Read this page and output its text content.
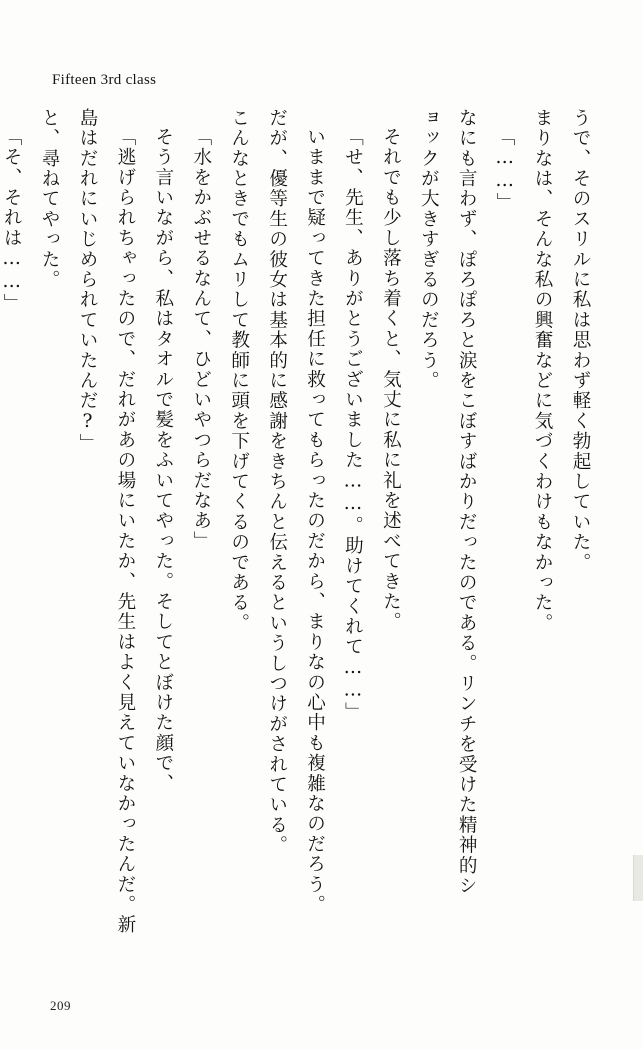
Fifteen 3rd class

うで、そのスリルに私は思わず軽く勃起していた。

まりなは、そんな私の興奮などに気づくわけもなかった。

「……」

なにも言わず、ぽろぽろと涙をこぼすばかりだったのである。リンチを受けた精神的シ

ョックが大きすぎるのだろう。

それでも少し落ち着くと、気丈に私に礼を述べてきた。

「せ、先生、ありがとうございました……。助けてくれて……」

いままで疑ってきた担任に救ってもらったのだから、まりなの心中も複雑なのだろう。

だが、優等生の彼女は基本的に感謝をきちんと伝えるというしつけがされている。

こんなときでもムリして教師に頭を下げてくるのである。

「水をかぶせるなんて、ひどいやつらだなあ」

そう言いながら、私はタオルで髪をふいてやった。そしてとぼけた顔で、

「逃げられちゃったので、だれがあの場にいたか、先生はよく見えていなかったんだ。新

島はだれにいじめられていたんだ?」

と、尋ねてやった。

「そ、それは……」

209
